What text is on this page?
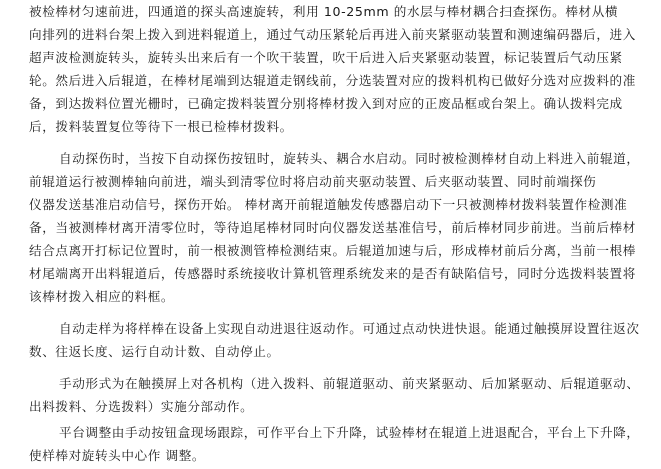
被检棒材匀速前进，四通道的探头高速旋转，利用 10-25mm 的水层与棒材耦合扫查探伤。棒材从横
向排列的进料台架上拨入到进料辊道上，通过气动压紧轮后再进入前夹紧驱动装置和测速编码器后，进入
超声波检测旋转头，旋转头出来后有一个吹干装置，吹干后进入后夹紧驱动装置，标记装置后气动压紧
轮。然后进入后辊道，在棒材尾端到达辊道走钢线前，分选装置对应的拨料机构已做好分选对应拨料的准
备，到达拨料位置光栅时，已确定拨料装置分别将棒材拨入到对应的正废品框或台架上。确认拨料完成
后，拨料装置复位等待下一根已检棒材拨料。
自动探伤时，当按下自动探伤按钮时，旋转头、耦合水启动。同时被检测棒材自动上料进入前辊道，
前辊道运行被测棒轴向前进，端头到清零位时将启动前夹驱动装置、后夹驱动装置、同时前端探伤
仪器发送基准启动信号，探伤开始。 棒材离开前辊道触发传感器启动下一只被测棒材拨料装置作检测准
备，当被测棒材离开清零位时，等待追尾棒材同时向仪器发送基准信号，前后棒材同步前进。当前后棒材
结合点离开打标记位置时，前一根被测管棒检测结束。后辊道加速与后，形成棒材前后分离，当前一根棒
材尾端离开出料辊道后，传感器时系统接收计算机管理系统发来的是否有缺陷信号，同时分选拨料装置将
该棒材拨入相应的料框。
自动走样为将样棒在设备上实现自动进退往返动作。可通过点动快进快退。能通过触摸屏设置往返次
数、往返长度、运行自动计数、自动停止。
手动形式为在触摸屏上对各机构（进入拨料、前辊道驱动、前夹紧驱动、后加紧驱动、后辊道驱动、
出料拨料、分选拨料）实施分部动作。
平台调整由手动按钮盒现场跟踪，可作平台上下升降，试验棒材在辊道上进退配合，平台上下升降，
使样棒对旋转头中心作 调整。
